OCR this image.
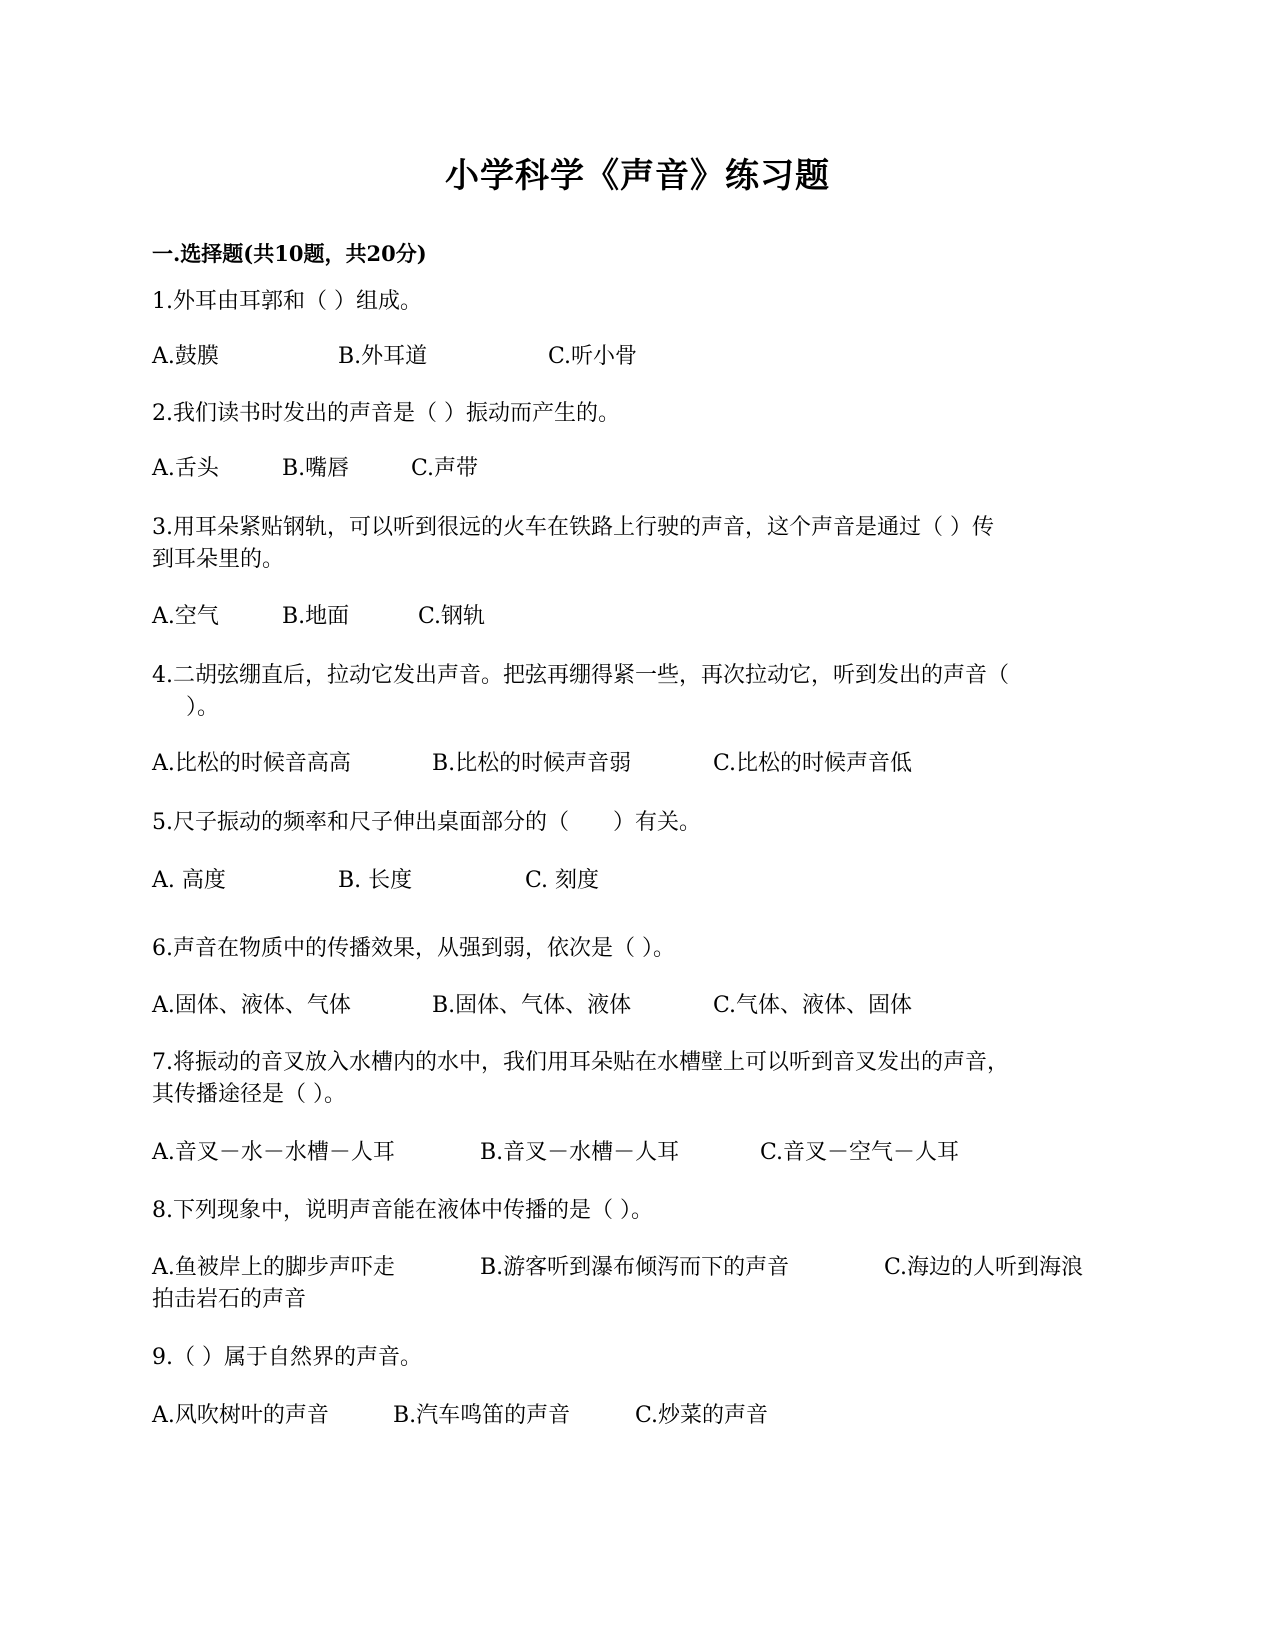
小学科学《声音》练习题
一.选择题(共10题，共20分)
1.外耳由耳郭和（ ）组成。
A.鼓膜	B.外耳道	C.听小骨
2.我们读书时发出的声音是（ ）振动而产生的。
A.舌头	B.嘴唇	C.声带
3.用耳朵紧贴钢轨，可以听到很远的火车在铁路上行驶的声音，这个声音是通过（ ）传
到耳朵里的。
A.空气	B.地面	C.钢轨
4.二胡弦绷直后，拉动它发出声音。把弦再绷得紧一些，再次拉动它，听到发出的声音（
）。
A.比松的时候音高高	B.比松的时候声音弱	C.比松的时候声音低
5.尺子振动的频率和尺子伸出桌面部分的（　　）有关。
A. 高度	B. 长度	C. 刻度
6.声音在物质中的传播效果，从强到弱，依次是（ ）。
A.固体、液体、气体	B.固体、气体、液体	C.气体、液体、固体
7.将振动的音叉放入水槽内的水中，我们用耳朵贴在水槽壁上可以听到音叉发出的声音，
其传播途径是（ ）。
A.音叉－水－水槽－人耳	B.音叉－水槽－人耳	C.音叉－空气－人耳
8.下列现象中，说明声音能在液体中传播的是（ ）。
A.鱼被岸上的脚步声吓走	B.游客听到瀑布倾泻而下的声音	C.海边的人听到海浪
拍击岩石的声音
9.（ ）属于自然界的声音。
A.风吹树叶的声音	B.汽车鸣笛的声音	C.炒菜的声音
